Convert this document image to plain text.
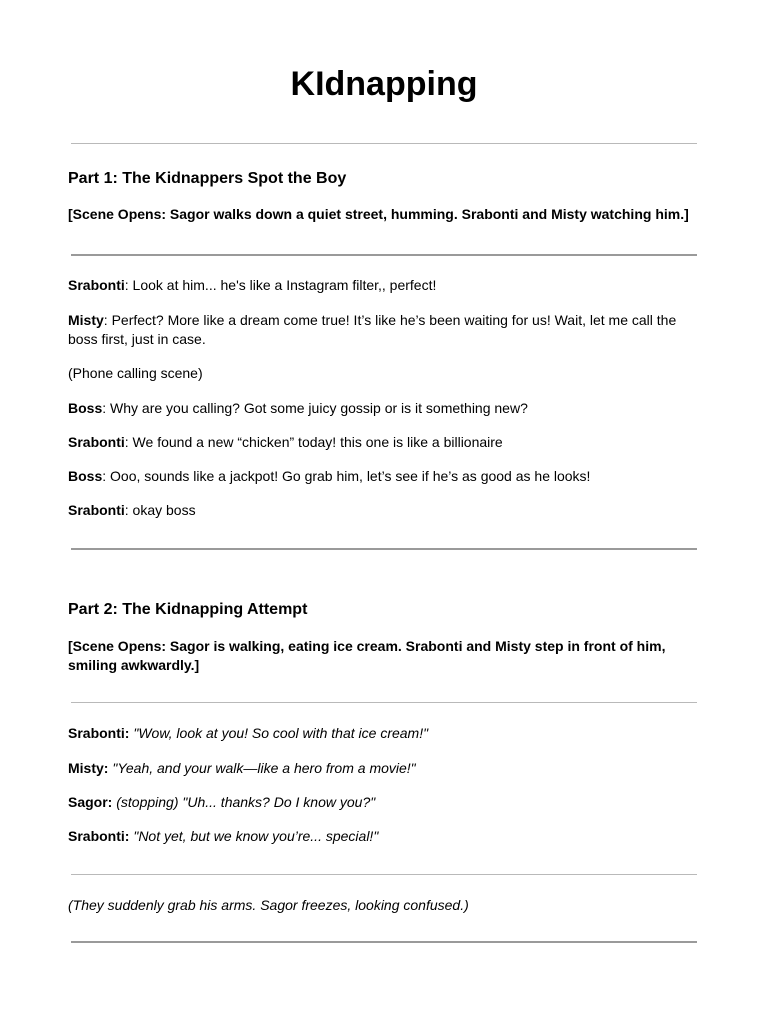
KIdnapping
Part 1: The Kidnappers Spot the Boy

[Scene Opens: Sagor walks down a quiet street, humming. Srabonti and Misty watching him.]

Srabonti: Look at him... he's like a Instagram filter,, perfect!

Misty: Perfect? More like a dream come true! It’s like he’s been waiting for us! Wait, let me call the boss first, just in case.

(Phone calling scene)

Boss: Why are you calling? Got some juicy gossip or is it something new?

Srabonti: We found a new “chicken” today! this one is like a billionaire

Boss: Ooo, sounds like a jackpot! Go grab him, let’s see if he’s as good as he looks!

Srabonti: okay boss

Part 2: The Kidnapping Attempt

[Scene Opens: Sagor is walking, eating ice cream. Srabonti and Misty step in front of him, smiling awkwardly.]

Srabonti: "Wow, look at you! So cool with that ice cream!"

Misty: "Yeah, and your walk—like a hero from a movie!"

Sagor: (stopping) "Uh... thanks? Do I know you?"

Srabonti: "Not yet, but we know you’re... special!"

(They suddenly grab his arms. Sagor freezes, looking confused.)
